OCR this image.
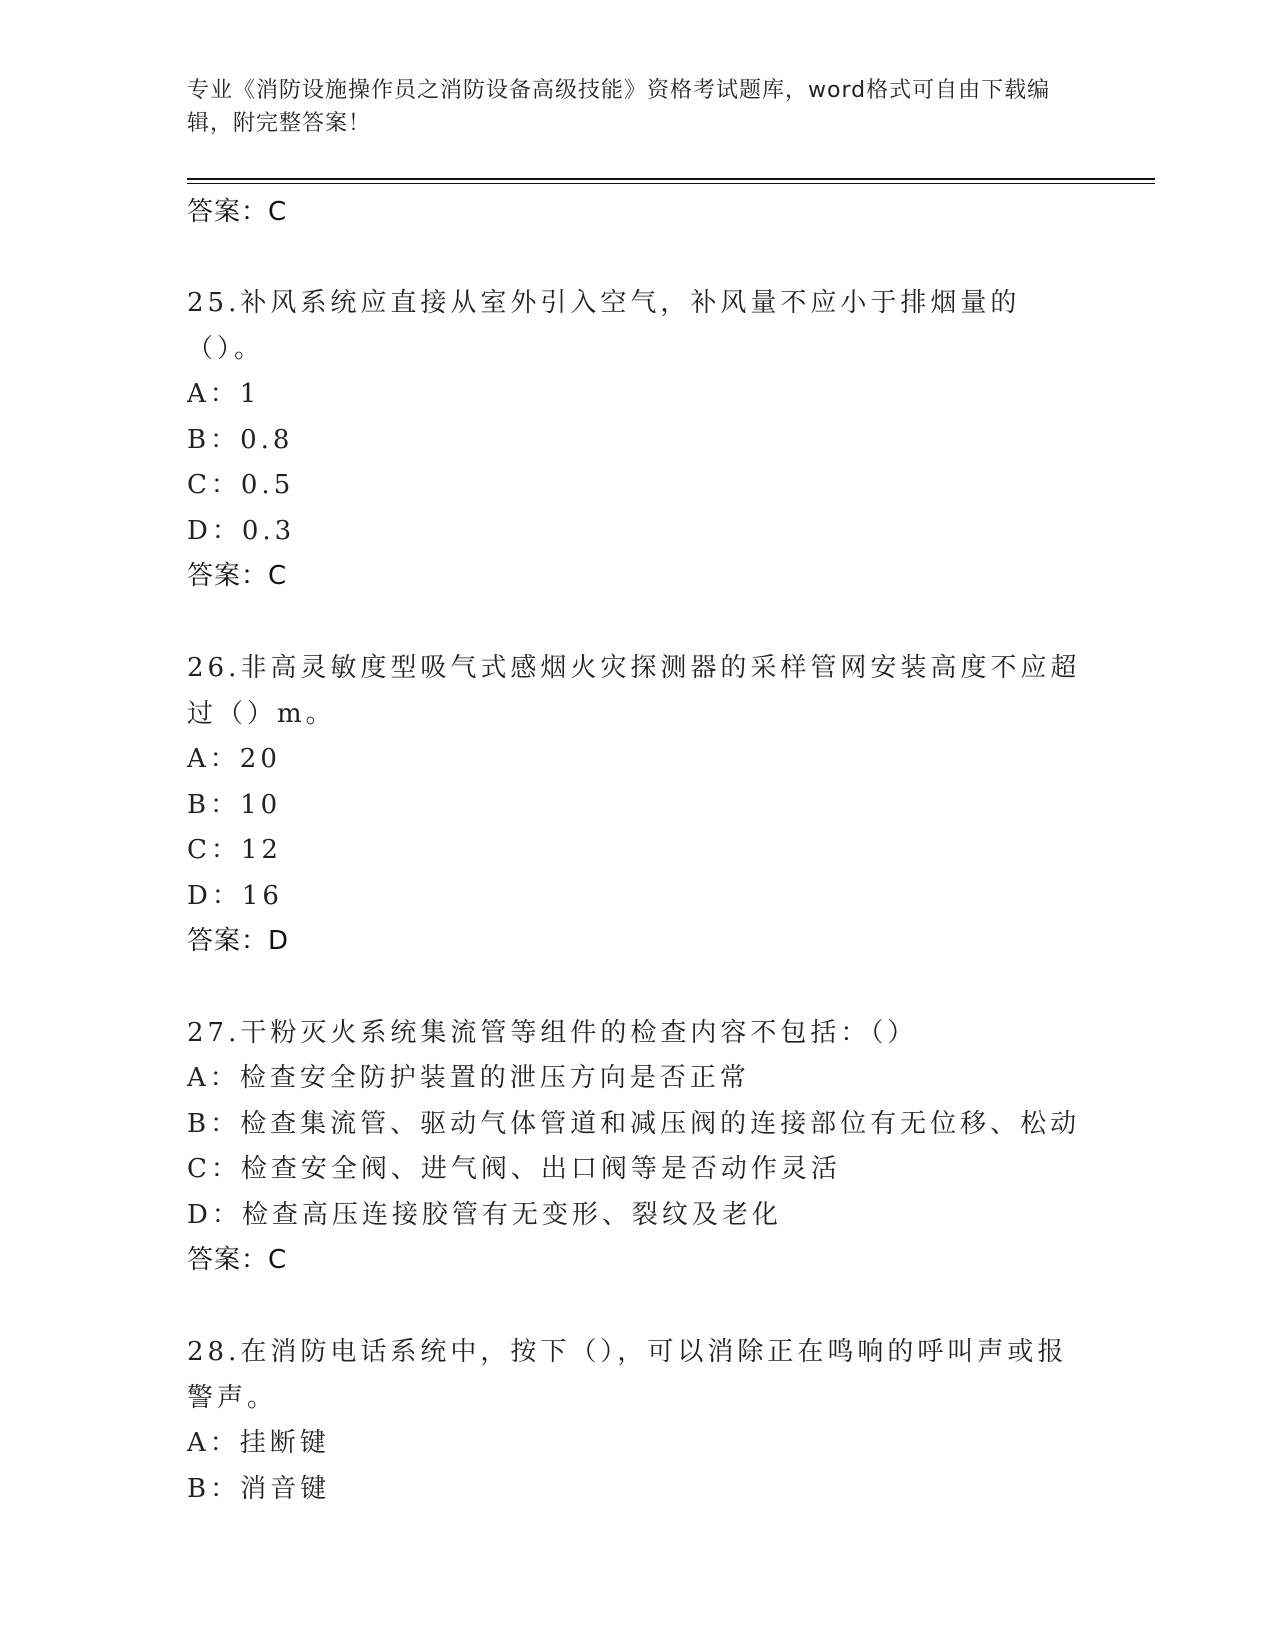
专业《消防设施操作员之消防设备高级技能》资格考试题库，word格式可自由下载编辑，附完整答案！
答案：C
25.补风系统应直接从室外引入空气，补风量不应小于排烟量的（）。
A：1
B：0.8
C：0.5
D：0.3
答案：C
26.非高灵敏度型吸气式感烟火灾探测器的采样管网安装高度不应超过（）m。
A：20
B：10
C：12
D：16
答案：D
27.干粉灭火系统集流管等组件的检查内容不包括：（）
A：检查安全防护装置的泄压方向是否正常
B：检查集流管、驱动气体管道和减压阀的连接部位有无位移、松动
C：检查安全阀、进气阀、出口阀等是否动作灵活
D：检查高压连接胶管有无变形、裂纹及老化
答案：C
28.在消防电话系统中，按下（），可以消除正在鸣响的呼叫声或报警声。
A：挂断键
B：消音键
